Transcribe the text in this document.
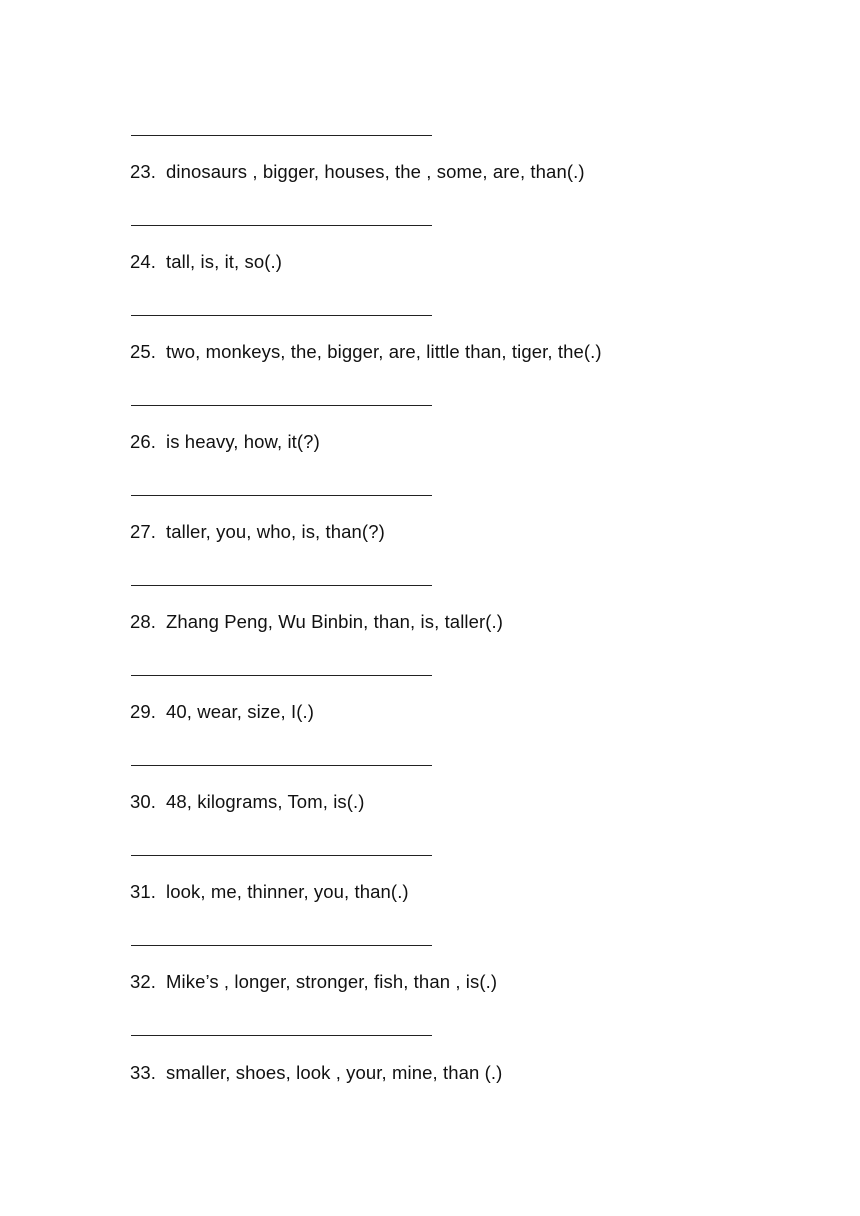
23. dinosaurs , bigger, houses, the , some, are, than(.)
24. tall, is, it, so(.)
25. two, monkeys, the, bigger, are, little than, tiger, the(.)
26. is heavy, how, it(?)
27. taller, you, who, is, than(?)
28. Zhang Peng, Wu Binbin, than, is, taller(.)
29. 40, wear, size, I(.)
30. 48, kilograms, Tom, is(.)
31. look, me, thinner, you, than(.)
32. Mike’s , longer, stronger, fish, than , is(.)
33. smaller, shoes, look , your, mine, than (.)
